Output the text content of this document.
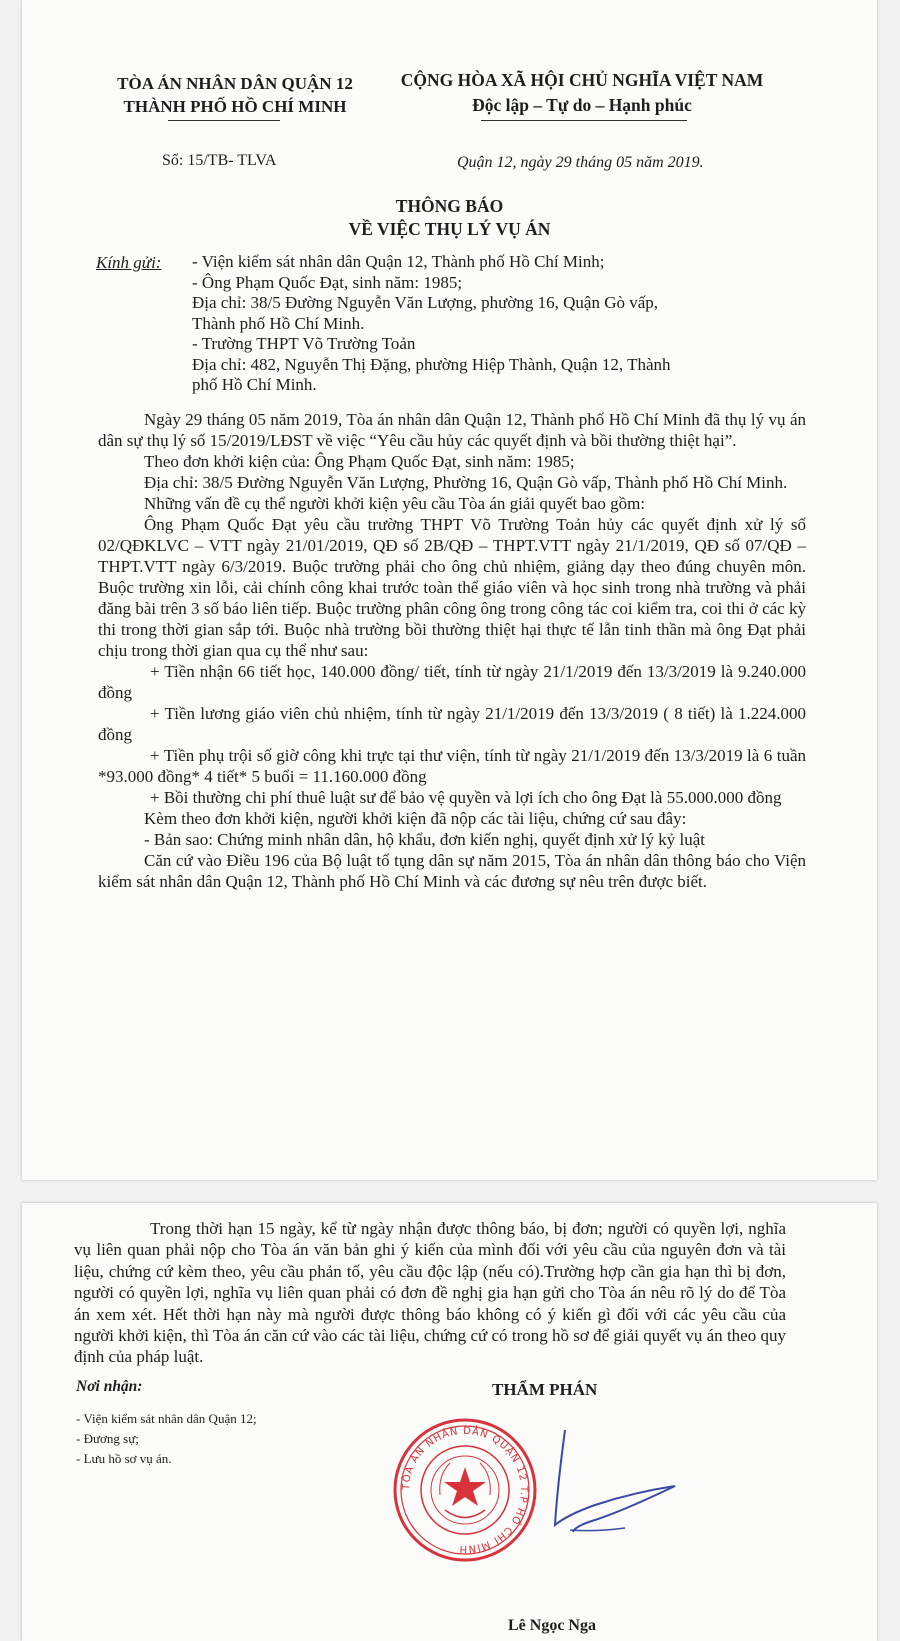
TÒA ÁN NHÂN DÂN QUẬN 12
THÀNH PHỐ HỒ CHÍ MINH
CỘNG HÒA XÃ HỘI CHỦ NGHĨA VIỆT NAM
Độc lập – Tự do – Hạnh phúc
Số: 15/TB- TLVA	Quận 12, ngày 29 tháng 05 năm 2019.
THÔNG BÁO
VỀ VIỆC THỤ LÝ VỤ ÁN
Kính gửi: - Viện kiểm sát nhân dân Quận 12, Thành phố Hồ Chí Minh;
- Ông Phạm Quốc Đạt, sinh năm: 1985;
Địa chỉ: 38/5 Đường Nguyễn Văn Lượng, phường 16, Quận Gò vấp,
Thành phố Hồ Chí Minh.
- Trường THPT Võ Trường Toản
Địa chỉ: 482, Nguyễn Thị Đặng, phường Hiệp Thành, Quận 12, Thành
phố Hồ Chí Minh.

Ngày 29 tháng 05 năm 2019, Tòa án nhân dân Quận 12, Thành phố Hồ Chí Minh đã thụ lý vụ án dân sự thụ lý số 15/2019/LĐST về việc “Yêu cầu hủy các quyết định và bồi thường thiệt hại”.

Theo đơn khởi kiện của: Ông Phạm Quốc Đạt, sinh năm: 1985;

Địa chỉ: 38/5 Đường Nguyễn Văn Lượng, Phường 16, Quận Gò vấp, Thành phố Hồ Chí Minh.

Những vấn đề cụ thể người khởi kiện yêu cầu Tòa án giải quyết bao gồm:

Ông Phạm Quốc Đạt yêu cầu trường THPT Võ Trường Toản hủy các quyết định xử lý số 02/QĐKLVC – VTT ngày 21/01/2019, QĐ số 2B/QĐ – THPT.VTT ngày 21/1/2019, QĐ số 07/QĐ – THPT.VTT ngày 6/3/2019. Buộc trường phải cho ông chủ nhiệm, giảng dạy theo đúng chuyên môn. Buộc trường xin lỗi, cải chính công khai trước toàn thể giáo viên và học sinh trong nhà trường và phải đăng bài trên 3 số báo liên tiếp. Buộc trường phân công ông trong công tác coi kiểm tra, coi thi ở các kỳ thi trong thời gian sắp tới. Buộc nhà trường bồi thường thiệt hại thực tế lẫn tinh thần mà ông Đạt phải chịu trong thời gian qua cụ thể như sau:

+ Tiền nhận 66 tiết học, 140.000 đồng/ tiết, tính từ ngày 21/1/2019 đến 13/3/2019 là 9.240.000 đồng

+ Tiền lương giáo viên chủ nhiệm, tính từ ngày 21/1/2019 đến 13/3/2019 ( 8 tiết) là 1.224.000 đồng

+ Tiền phụ trội số giờ công khi trực tại thư viện, tính từ ngày 21/1/2019 đến 13/3/2019 là 6 tuần *93.000 đồng* 4 tiết* 5 buổi = 11.160.000 đồng

+ Bồi thường chi phí thuê luật sư để bảo vệ quyền và lợi ích cho ông Đạt là 55.000.000 đồng

Kèm theo đơn khởi kiện, người khởi kiện đã nộp các tài liệu, chứng cứ sau đây:

- Bản sao: Chứng minh nhân dân, hộ khẩu, đơn kiến nghị, quyết định xử lý kỷ luật

Căn cứ vào Điều 196 của Bộ luật tố tụng dân sự năm 2015, Tòa án nhân dân thông báo cho Viện kiểm sát nhân dân Quận 12, Thành phố Hồ Chí Minh và các đương sự nêu trên được biết.

Trong thời hạn 15 ngày, kể từ ngày nhận được thông báo, bị đơn; người có quyền lợi, nghĩa vụ liên quan phải nộp cho Tòa án văn bản ghi ý kiến của mình đối với yêu cầu của nguyên đơn và tài liệu, chứng cứ kèm theo, yêu cầu phản tố, yêu cầu độc lập (nếu có).Trường hợp cần gia hạn thì bị đơn, người có quyền lợi, nghĩa vụ liên quan phải có đơn đề nghị gia hạn gửi cho Tòa án nêu rõ lý do để Tòa án xem xét. Hết thời hạn này mà người được thông báo không có ý kiến gì đối với các yêu cầu của người khởi kiện, thì Tòa án căn cứ vào các tài liệu, chứng cứ có trong hồ sơ để giải quyết vụ án theo quy định của pháp luật.

Nơi nhận:
- Viện kiểm sát nhân dân Quận 12;
- Đương sự;
- Lưu hồ sơ vụ án.
THẨM PHÁN
TÒA ÁN NHÂN DÂN QUẬN 12 T.P HỒ CHÍ MINH
Lê Ngọc Nga
